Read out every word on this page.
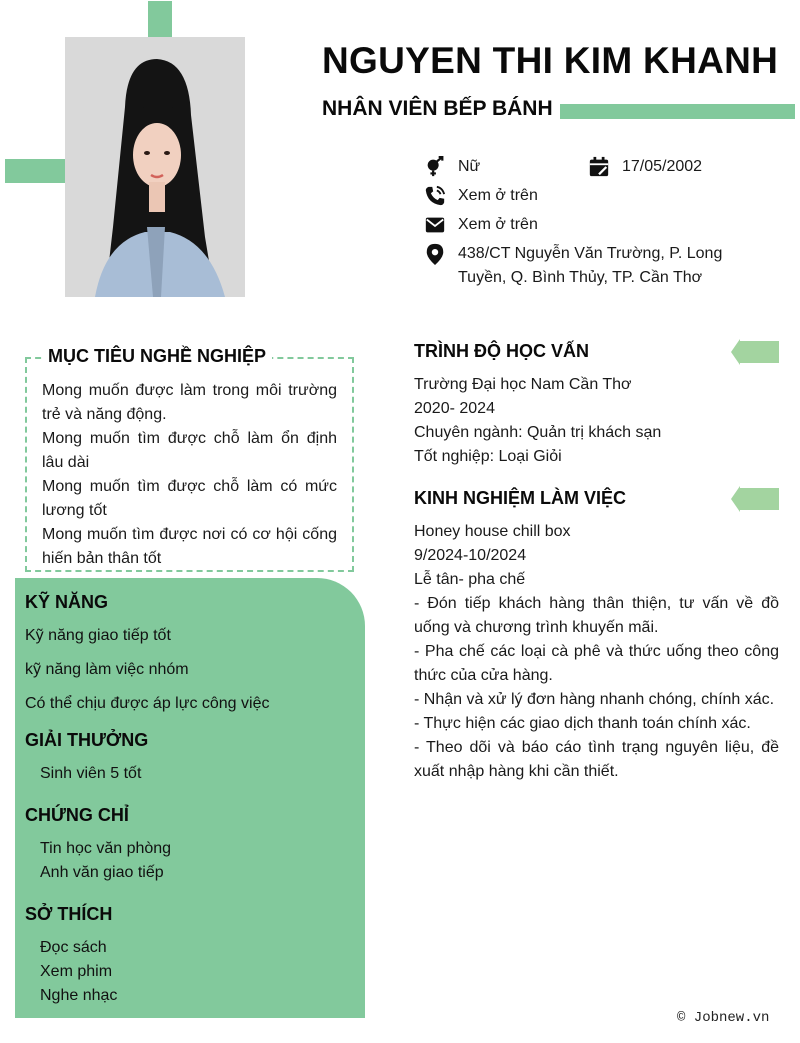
NGUYEN THI KIM KHANH
NHÂN VIÊN BẾP BÁNH
Nữ	17/05/2002
Xem ở trên
Xem ở trên
438/CT Nguyễn Văn Trường, P. Long
Tuyền, Q. Bình Thủy, TP. Cần Thơ
MỤC TIÊU NGHỀ NGHIỆP

Mong muốn được làm trong môi trường trẻ và năng động.

Mong muốn tìm được chỗ làm ổn định lâu dài

Mong muốn tìm được chỗ làm có mức lương tốt

Mong muốn tìm được nơi có cơ hội cống hiến bản thân tốt

KỸ NĂNG
Kỹ năng giao tiếp tốt
kỹ năng làm việc nhóm
Có thể chịu được áp lực công việc
GIẢI THƯỞNG
Sinh viên 5 tốt
CHỨNG CHỈ
Tin học văn phòng
Anh văn giao tiếp
SỞ THÍCH
Đọc sách
Xem phim
Nghe nhạc
TRÌNH ĐỘ HỌC VẤN
Trường Đại học Nam Cần Thơ
2020- 2024
Chuyên ngành: Quản trị khách sạn
Tốt nghiệp: Loại Giỏi
KINH NGHIỆM LÀM VIỆC
Honey house chill box
9/2024-10/2024
Lễ tân- pha chế

- Đón tiếp khách hàng thân thiện, tư vấn về đồ uống và chương trình khuyến mãi.

- Pha chế các loại cà phê và thức uống theo công thức của cửa hàng.

- Nhận và xử lý đơn hàng nhanh chóng, chính xác.

- Thực hiện các giao dịch thanh toán chính xác.

- Theo dõi và báo cáo tình trạng nguyên liệu, đề xuất nhập hàng khi cần thiết.

© Jobnew.vn
